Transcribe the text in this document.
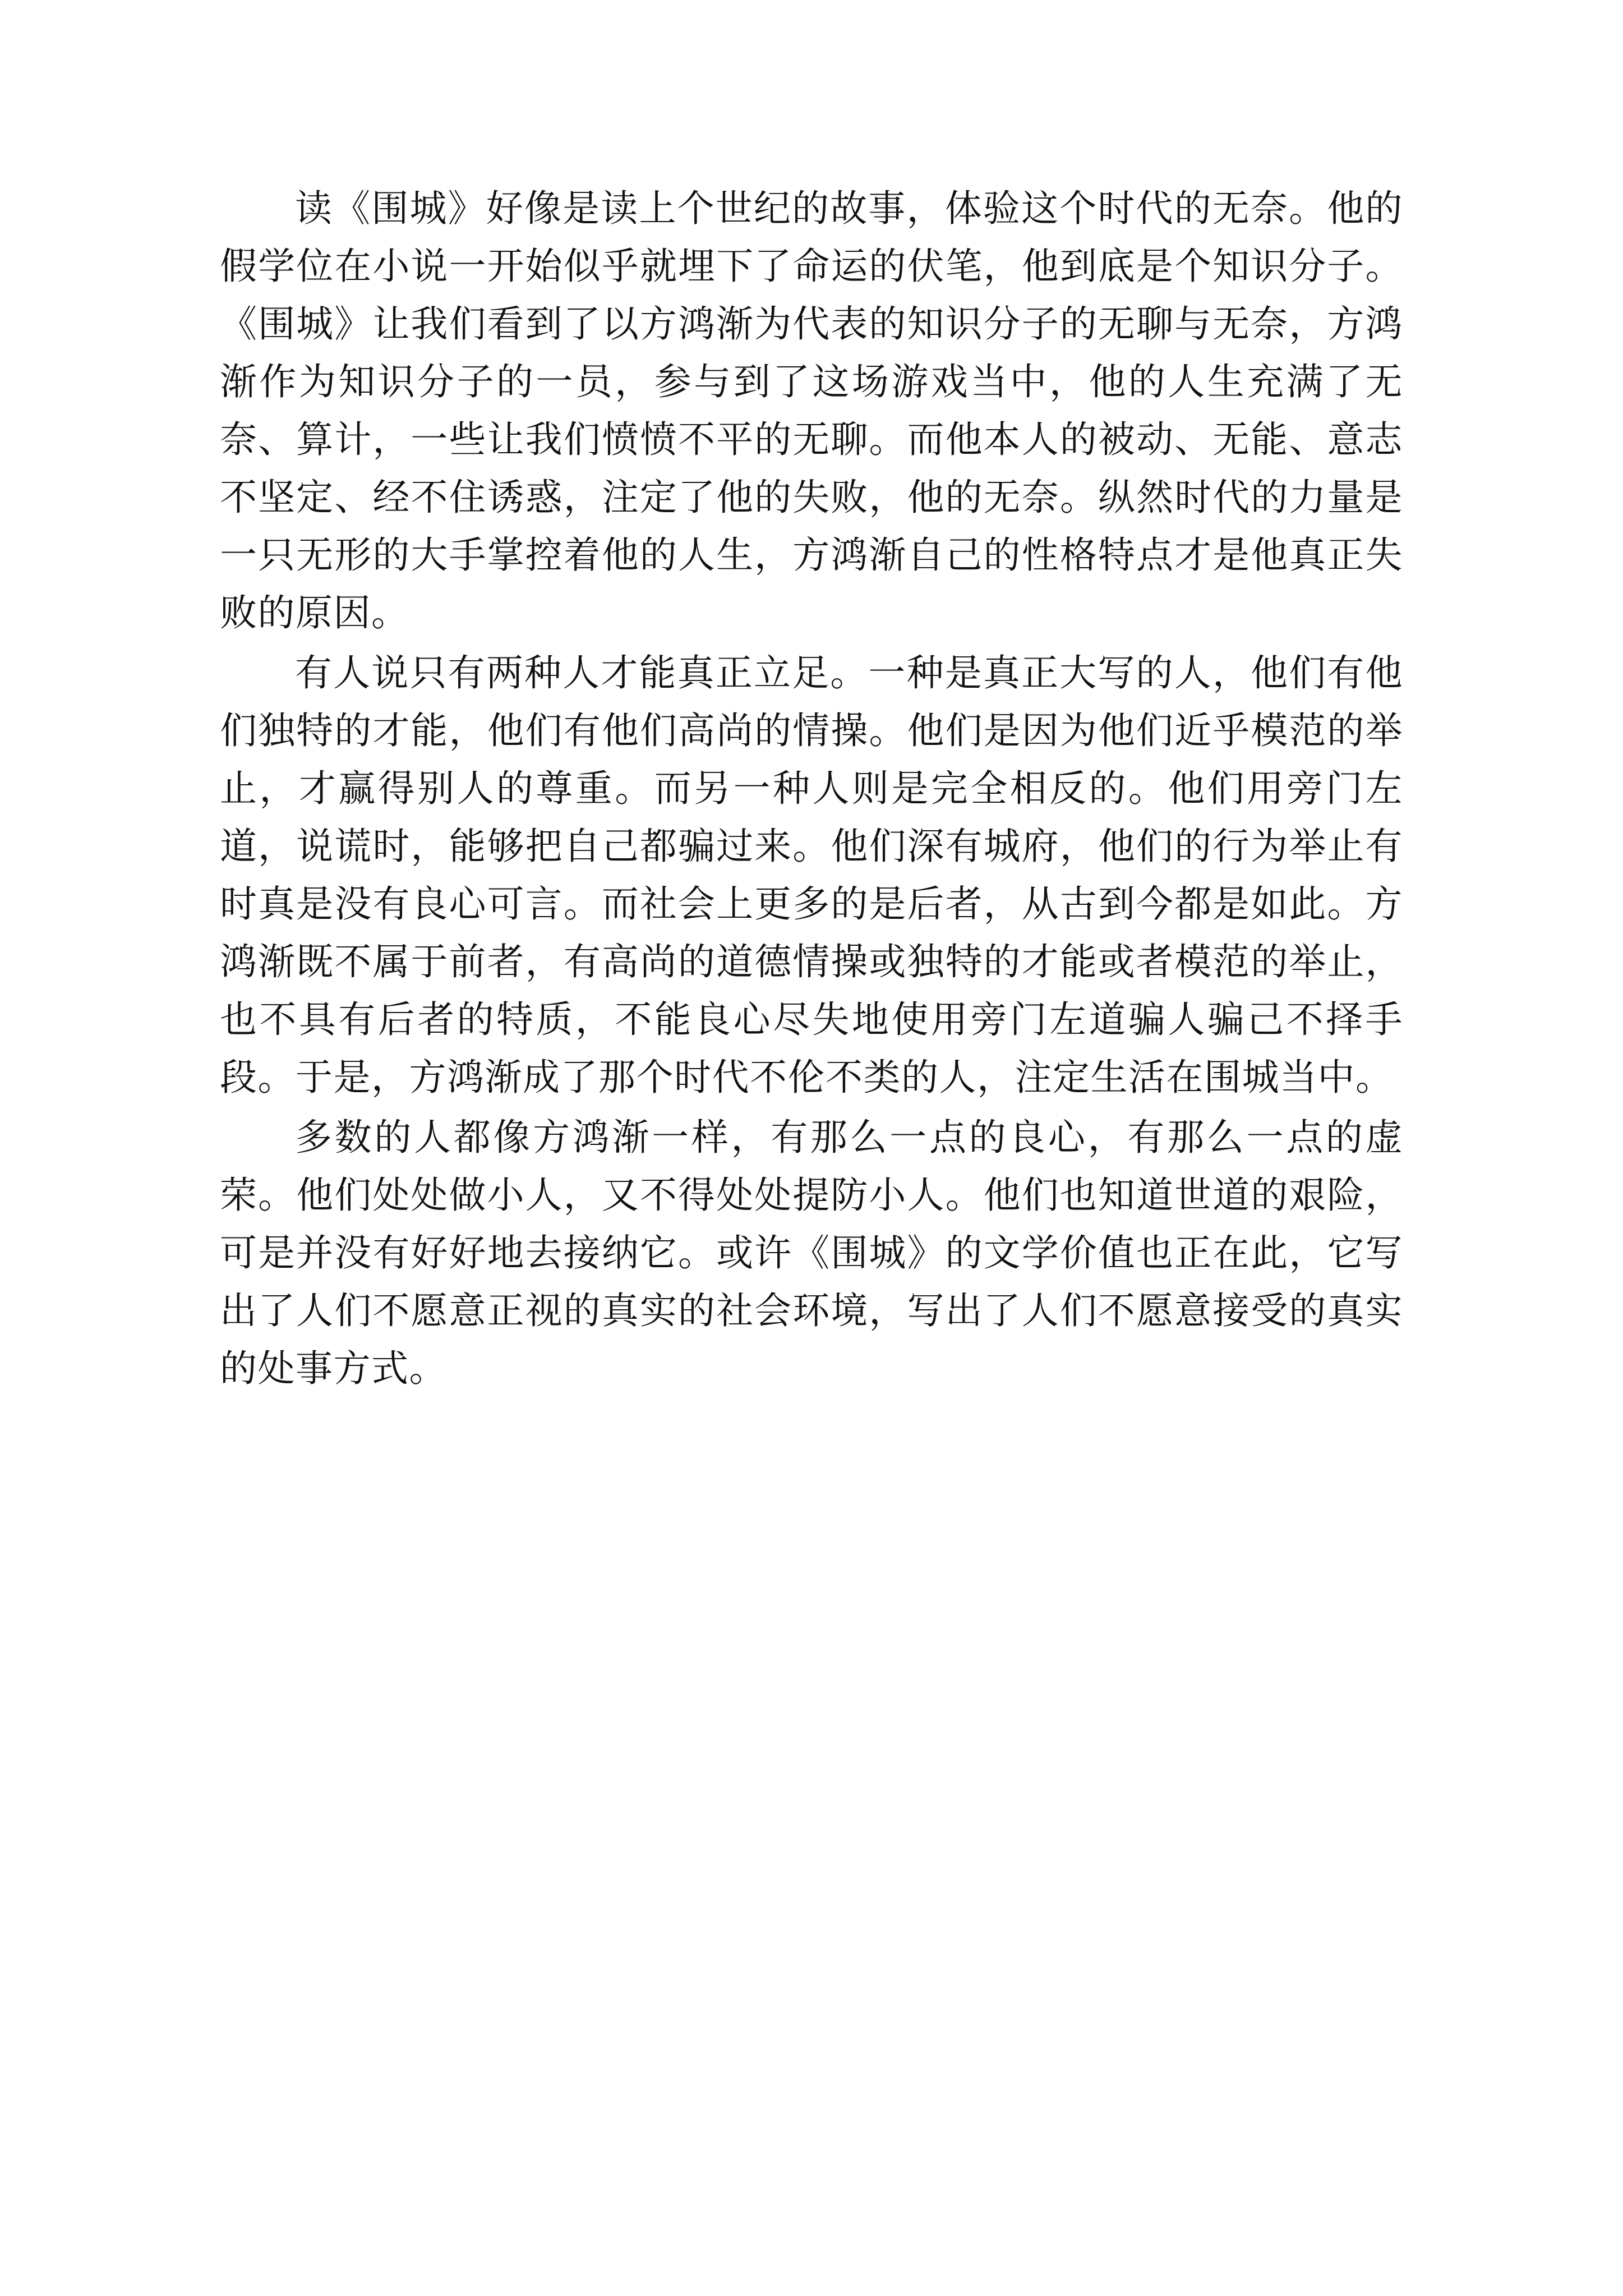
读《围城》好像是读上个世纪的故事，体验这个时代的无奈。他的假学位在小说一开始似乎就埋下了命运的伏笔，他到底是个知识分子。《围城》让我们看到了以方鸿渐为代表的知识分子的无聊与无奈，方鸿渐作为知识分子的一员，参与到了这场游戏当中，他的人生充满了无奈、算计，一些让我们愤愤不平的无聊。而他本人的被动、无能、意志不坚定、经不住诱惑，注定了他的失败，他的无奈。纵然时代的力量是一只无形的大手掌控着他的人生，方鸿渐自己的性格特点才是他真正失败的原因。

有人说只有两种人才能真正立足。一种是真正大写的人，他们有他们独特的才能，他们有他们高尚的情操。他们是因为他们近乎模范的举止，才赢得别人的尊重。而另一种人则是完全相反的。他们用旁门左道，说谎时，能够把自己都骗过来。他们深有城府，他们的行为举止有时真是没有良心可言。而社会上更多的是后者，从古到今都是如此。方鸿渐既不属于前者，有高尚的道德情操或独特的才能或者模范的举止，也不具有后者的特质，不能良心尽失地使用旁门左道骗人骗己不择手段。于是，方鸿渐成了那个时代不伦不类的人，注定生活在围城当中。

多数的人都像方鸿渐一样，有那么一点的良心，有那么一点的虚荣。他们处处做小人，又不得处处提防小人。他们也知道世道的艰险，可是并没有好好地去接纳它。或许《围城》的文学价值也正在此，它写出了人们不愿意正视的真实的社会环境，写出了人们不愿意接受的真实的处事方式。
